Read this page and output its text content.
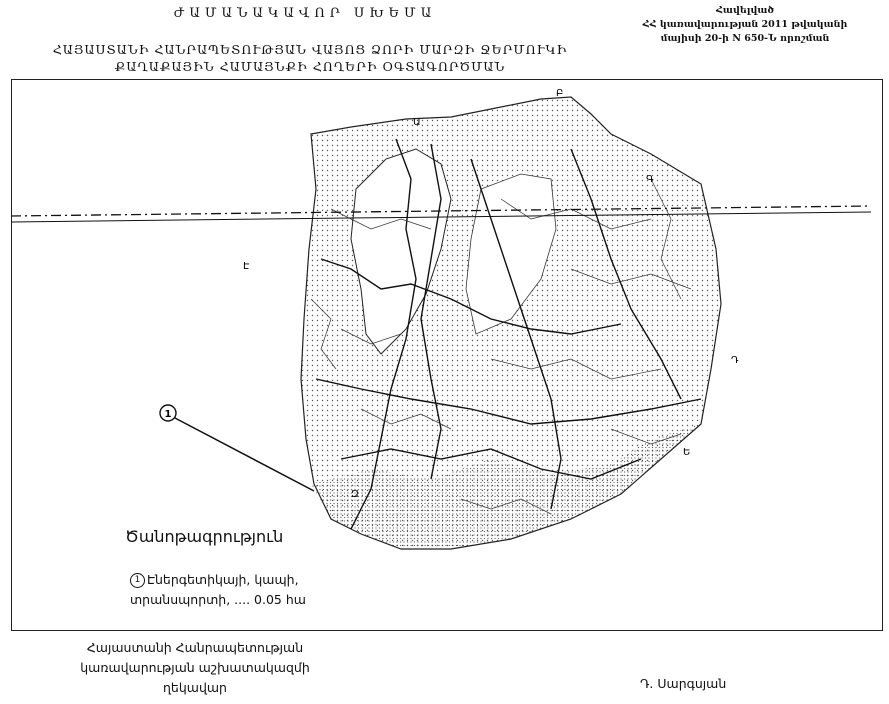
ԺԱՄԱՆԱԿԱՎՈՐ ՍԽԵՄԱ
ՀԱՅԱՍՏԱՆԻ ՀԱՆՐԱՊԵՏՈՒԹՅԱՆ ՎԱՅՈՑ ՁՈՐԻ ՄԱՐԶԻ ՋԵՐՄՈՒԿԻ
ՔԱՂԱՔԱՅԻՆ ՀԱՄԱՅՆՔԻ ՀՈՂԵՐԻ ՕԳՏԱԳՈՐԾՄԱՆ
Հավելված
ՀՀ կառավարության 2011 թվականի
մայիսի 20-ի N 650-Ն որոշման
Ա
Բ
Գ
Դ
Ե
Զ
Է
1
Ծանոթագրություն
1 Էներգետիկայի, կապի,
տրանսպորտի, .... 0.05 հա
Հայաստանի Հանրապետության
կառավարության աշխատակազմի
ղեկավար	Դ. Սարգսյան
